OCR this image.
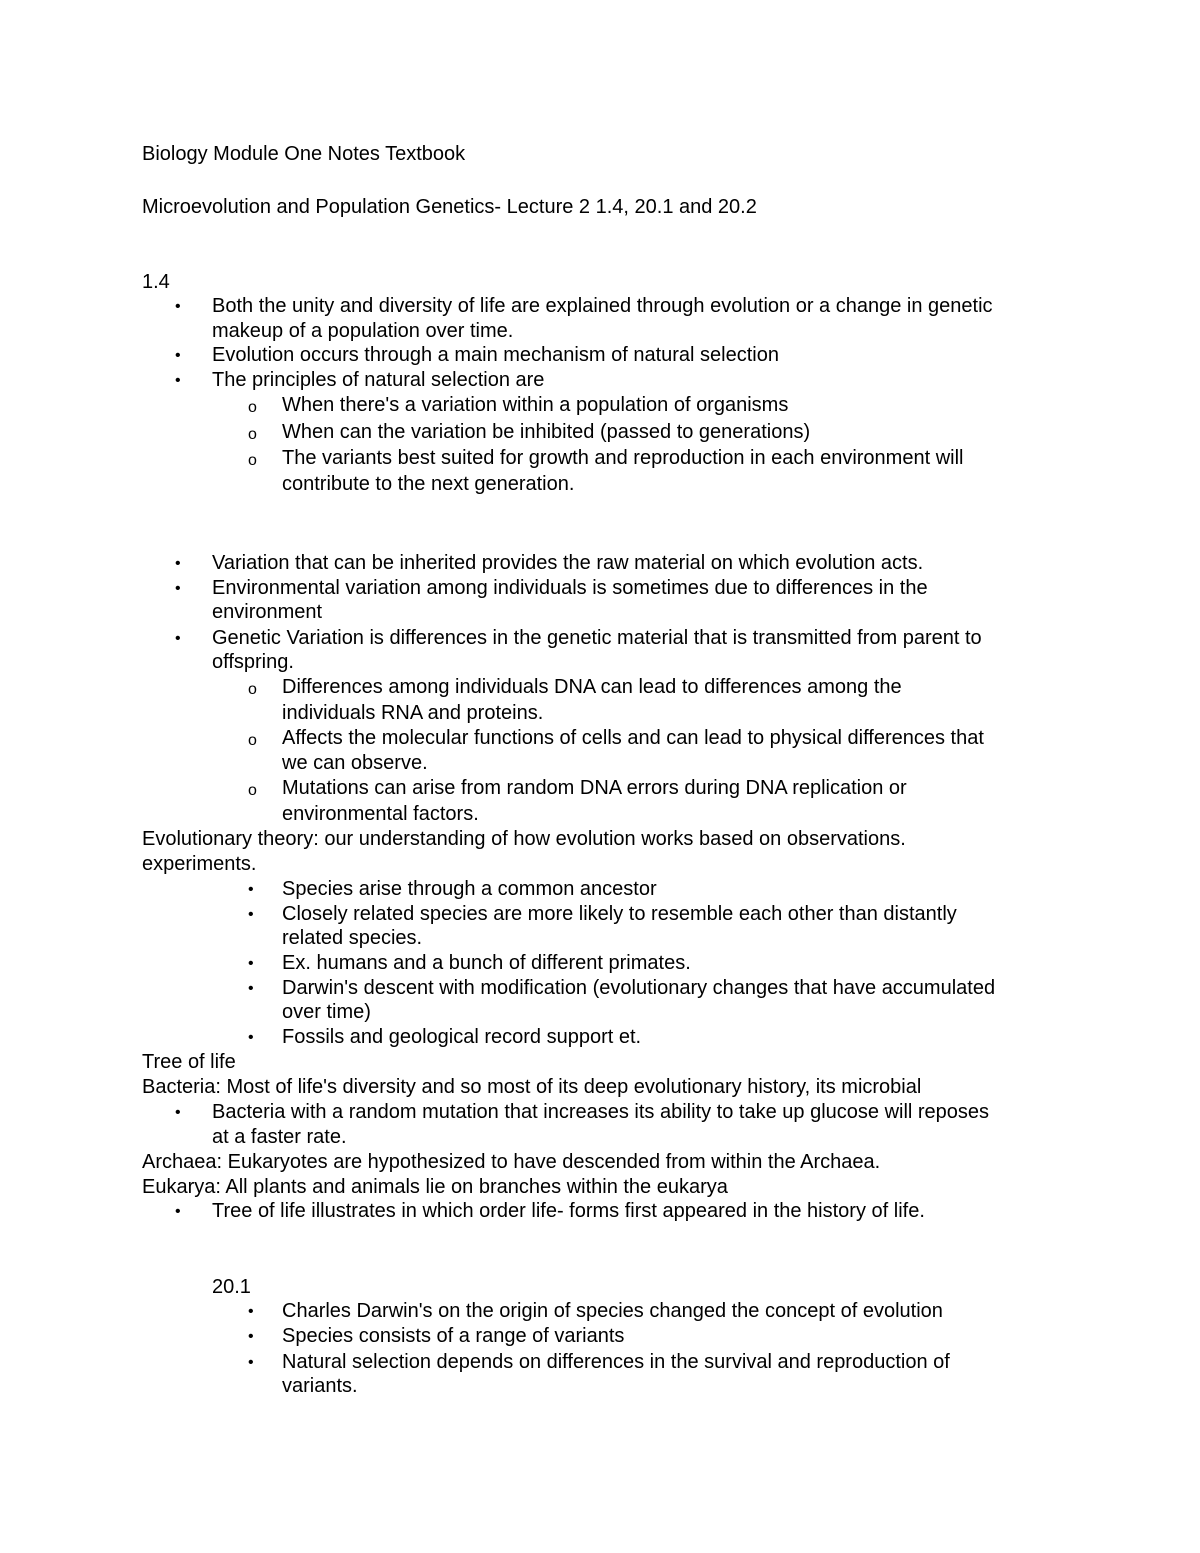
Biology Module One Notes Textbook
Microevolution and Population Genetics- Lecture 2 1.4, 20.1 and 20.2
1.4
• Both the unity and diversity of life are explained through evolution or a change in genetic
makeup of a population over time.
• Evolution occurs through a main mechanism of natural selection
• The principles of natural selection are
o When there's a variation within a population of organisms
o When can the variation be inhibited (passed to generations)
o The variants best suited for growth and reproduction in each environment will
contribute to the next generation.
• Variation that can be inherited provides the raw material on which evolution acts.
• Environmental variation among individuals is sometimes due to differences in the
environment
• Genetic Variation is differences in the genetic material that is transmitted from parent to
offspring.
o Differences among individuals DNA can lead to differences among the
individuals RNA and proteins.
o Affects the molecular functions of cells and can lead to physical differences that
we can observe.
o Mutations can arise from random DNA errors during DNA replication or
environmental factors.
Evolutionary theory: our understanding of how evolution works based on observations.
experiments.
• Species arise through a common ancestor
• Closely related species are more likely to resemble each other than distantly
related species.
• Ex. humans and a bunch of different primates.
• Darwin's descent with modification (evolutionary changes that have accumulated
over time)
• Fossils and geological record support et.
Tree of life
Bacteria: Most of life's diversity and so most of its deep evolutionary history, its microbial
• Bacteria with a random mutation that increases its ability to take up glucose will reposes
at a faster rate.
Archaea: Eukaryotes are hypothesized to have descended from within the Archaea.
Eukarya: All plants and animals lie on branches within the eukarya
• Tree of life illustrates in which order life- forms first appeared in the history of life.
20.1
• Charles Darwin's on the origin of species changed the concept of evolution
• Species consists of a range of variants
• Natural selection depends on differences in the survival and reproduction of
variants.
